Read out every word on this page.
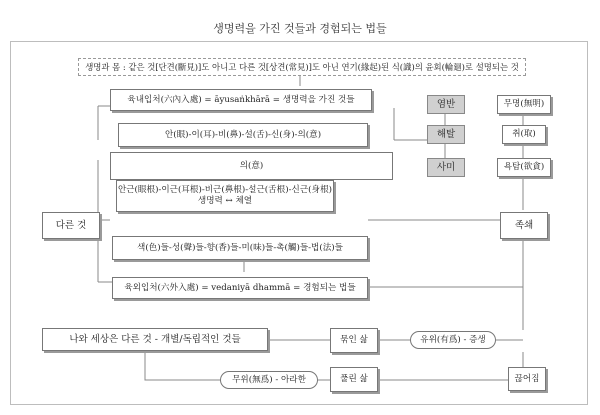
생명력을 가진 것들과 경험되는 법들
생명과 몸 : 같은 것[단견(斷見)]도 아니고 다른 것[상견(常見)]도 아닌 연기(緣起)된 식(識)의 윤회(輪廻)로 설명되는 것
육내입처(六內入處) = āyusaṅkhārā = 생명력을 가진 것들
안(眼)-이(耳)-비(鼻)-설(舌)-신(身)-의(意)
의(意)
안근(眼根)-이근(耳根)-비근(鼻根)-설근(舌根)-신근(身根)
생명력 ↔ 체열
다른 것
색(色)들-성(聲)들-향(香)들-미(味)들-촉(觸)들-법(法)들
육외입처(六外入處) = vedaniyā dhammā = 경험되는 법들
염반
해탈
사미
무명(無明)
취(取)
욕탐(欲貪)
족쇄
나와 세상은 다른 것 - 개별/독립적인 것들	묶인 삶	유위(有爲) - 증생
풀린 삶
무위(無爲) - 아라한	끊어짐
